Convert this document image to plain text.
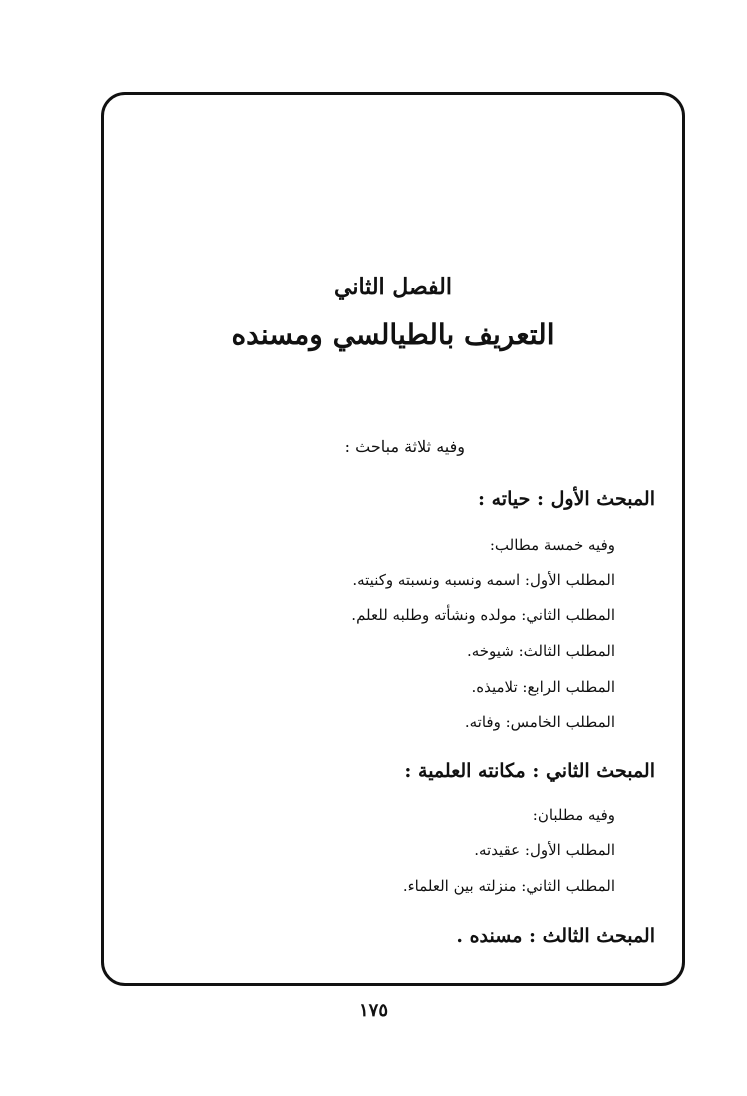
الفصل الثاني
التعريف بالطيالسي ومسنده

وفيه ثلاثة مباحث :

المبحث الأول : حياته :

وفيه خمسة مطالب:

المطلب الأول: اسمه ونسبه ونسبته وكنيته.

المطلب الثاني: مولده ونشأته وطلبه للعلم.

المطلب الثالث: شيوخه.

المطلب الرابع: تلاميذه.

المطلب الخامس: وفاته.

المبحث الثاني : مكانته العلمية :

وفيه مطلبان:

المطلب الأول: عقيدته.

المطلب الثاني: منزلته بين العلماء.

المبحث الثالث : مسنده .

١٧٥
